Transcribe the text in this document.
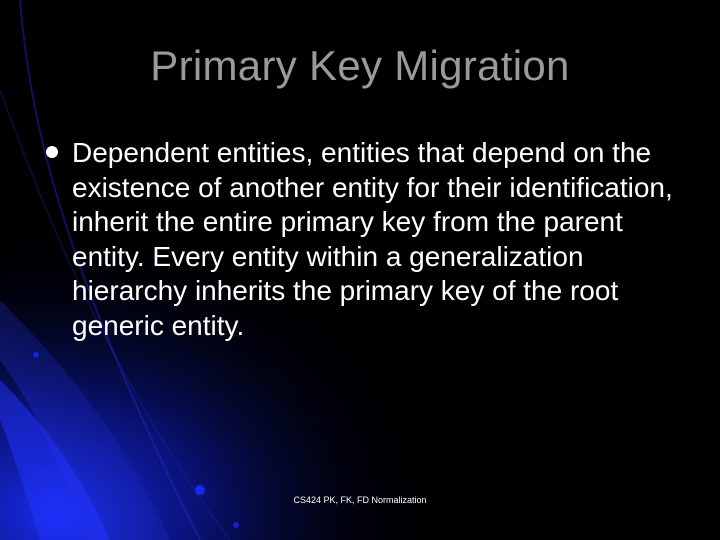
Primary Key Migration
Dependent entities, entities that depend on the existence of another entity for their identification, inherit the entire primary key from the parent entity. Every entity within a generalization hierarchy inherits the primary key of the root generic entity.
CS424 PK, FK, FD Normalization
